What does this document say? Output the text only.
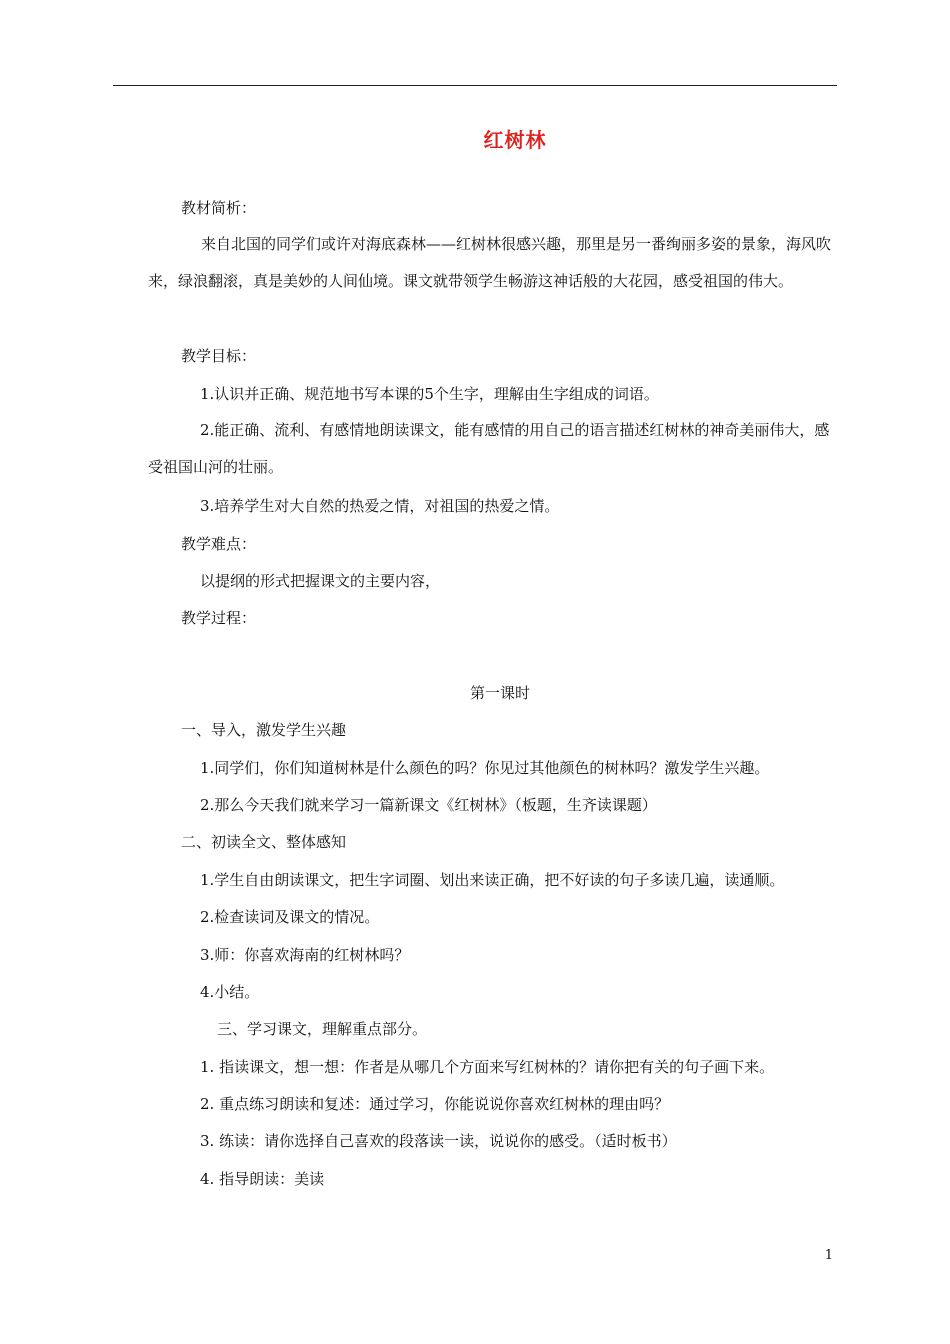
红树林
教材简析：
来自北国的同学们或许对海底森林——红树林很感兴趣，那里是另一番绚丽多姿的景象，海风吹来，绿浪翻滚，真是美妙的人间仙境。课文就带领学生畅游这神话般的大花园，感受祖国的伟大。
教学目标：
1.认识并正确、规范地书写本课的5个生字，理解由生字组成的词语。
2.能正确、流利、有感情地朗读课文，能有感情的用自己的语言描述红树林的神奇美丽伟大，感受祖国山河的壮丽。
3.培养学生对大自然的热爱之情，对祖国的热爱之情。
教学难点：
以提纲的形式把握课文的主要内容，
教学过程：
第一课时
一、导入，激发学生兴趣
1.同学们，你们知道树林是什么颜色的吗？你见过其他颜色的树林吗？激发学生兴趣。
2.那么今天我们就来学习一篇新课文《红树林》（板题，生齐读课题）
二、初读全文、整体感知
1.学生自由朗读课文，把生字词圈、划出来读正确，把不好读的句子多读几遍，读通顺。
2.检查读词及课文的情况。
3.师：你喜欢海南的红树林吗？
4.小结。
三、学习课文，理解重点部分。
1. 指读课文，想一想：作者是从哪几个方面来写红树林的？请你把有关的句子画下来。
2. 重点练习朗读和复述：通过学习，你能说说你喜欢红树林的理由吗？
3. 练读：请你选择自己喜欢的段落读一读，说说你的感受。（适时板书）
4. 指导朗读：美读
1
